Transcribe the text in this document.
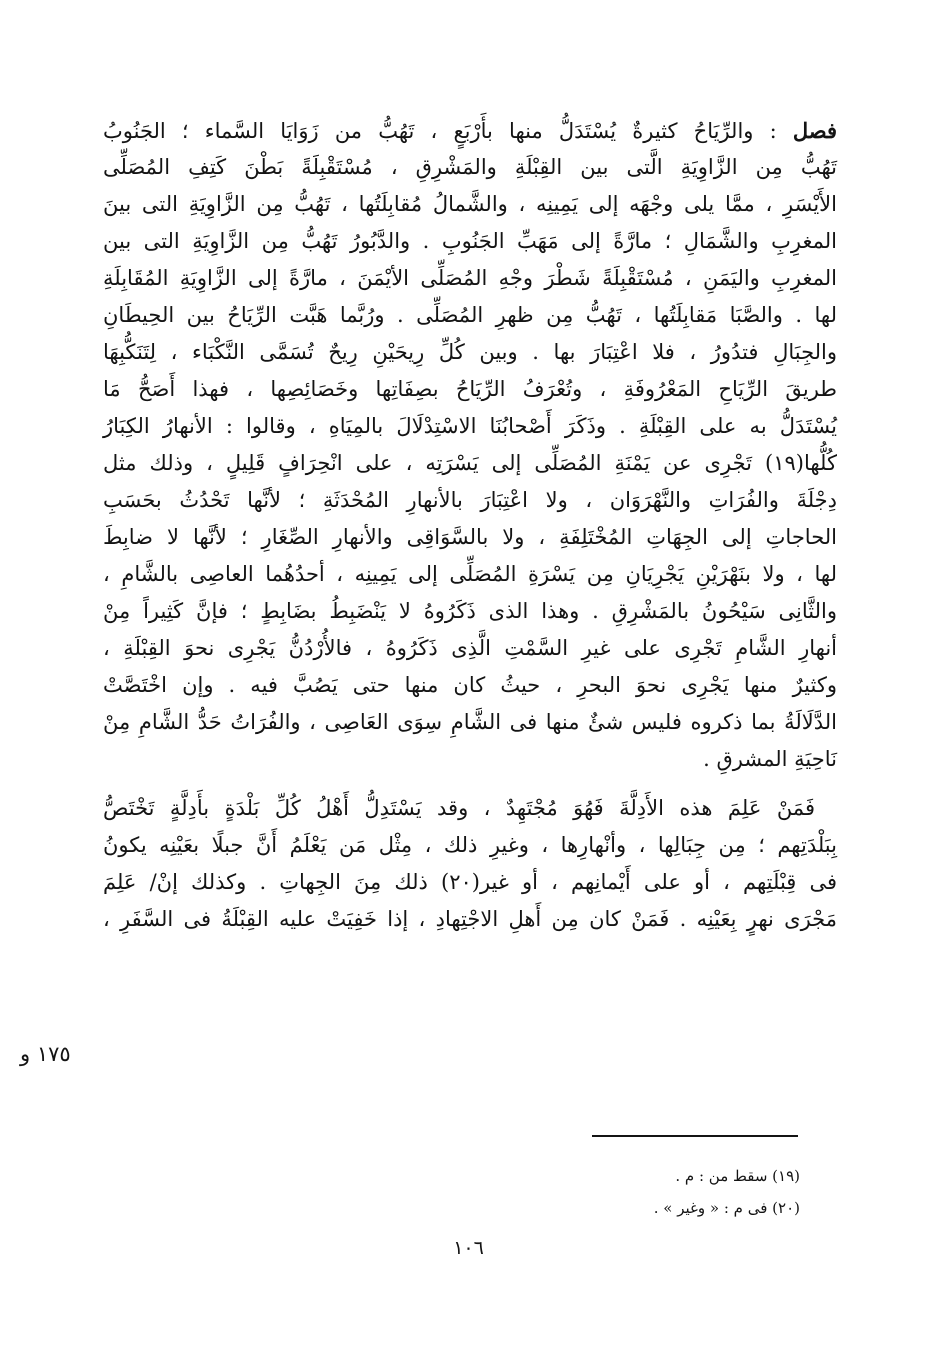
فصل : والرِّيَاحُ كثيرةٌ يُسْتَدَلُّ منها بأَرْبَعٍ ، تَهُبُّ من زَوَايَا السَّماء ؛ الجَنُوبُ
تَهُبُّ مِن الزَّاوِيَةِ الَّتى بين القِبْلَةِ والمَشْرِقِ ، مُسْتَقْبِلَةً بَطْنَ كَتِفِ المُصَلِّى
الأَيْسَرِ ، ممَّا يلى وجْهَه إلى يَمِينِه ، والشَّمالُ مُقابِلَتُها ، تَهُبُّ مِن الزَّاوِيَةِ التى بينَ
المغرِبِ والشَّمَالِ ؛ مارَّةً إلى مَهَبِّ الجَنُوبِ . والدَّبُورُ تَهُبُّ مِن الزَّاوِيَةِ التى بين
المغرِبِ واليَمَنِ ، مُسْتَقْبِلَةً شَطْرَ وجْهِ المُصَلِّى الأيْمَنَ ، مارَّةً إلى الزَّاوِيَةِ المُقَابِلَةِ
لها . والصَّبَا مَقابِلَتُها ، تَهُبُّ مِن ظهرِ المُصَلِّى . ورُبَّما هَبَّت الرِّيَاحُ بين الحِيطَانِ
والجِبَالِ فتدُورُ ، فلا اعْتِبَارَ بها . وبين كُلِّ رِيحَيْنِ رِيحٌ تُسَمَّى النَّكْبَاء ، لِتَنَكُّبِهَا
طريقَ الرِّيَاحِ المَعْرُوفَةِ ، وتُعْرَفُ الرِّيَاحُ بصِفَاتِها وخَصَائِصِها ، فهذا أَصَحُّ مَا
يُسْتَدَلُّ به على القِبْلَةِ . وذَكَرَ أَصْحابُنَا الاسْتِدْلَالَ بالمِيَاهِ ، وقالوا : الأنهارُ الكِبَارُ
كُلُّها(١٩) تَجْرِى عن يَمْنَةِ المُصَلِّى إلى يَسْرَتِه ، على انْحِرَافٍ قَلِيلٍ ، وذلك مثل
دِجْلَةَ والفُرَاتِ والنَّهْرَوَان ، ولا اعْتِبَارَ بالأنهارِ المُحْدَثَةِ ؛ لأنَّها تَحْدُثُ بحَسَبِ
الحاجاتِ إلى الجِهَاتِ المُخْتَلِفَةِ ، ولا بالسَّوَاقِى والأنهارِ الصِّغَارِ ؛ لأنَّها لا ضابِطَ
لها ، ولا بنَهْرَيْنِ يَجْرِيَانِ مِن يَسْرَةِ المُصَلِّى إلى يَمِينِه ، أحدُهُما العاصِى بالشَّامِ ،
والثَّانِى سَيْحُونُ بالمَشْرِقِ . وهذا الذى ذَكَرُوهُ لا يَنْضَبِطُ بضَابِطٍ ؛ فإنَّ كَثِيراً مِنْ
أنهارِ الشَّامِ تَجْرِى على غيرِ السَّمْتِ الَّذِى ذَكَرُوهُ ، فالأُرْدُنُّ يَجْرِى نحوَ القِبْلَةِ ،
وكثيرٌ منها يَجْرِى نحوَ البحرِ ، حيثُ كان منها حتى يَصُبَّ فيه . وإن اخْتَصَّتْ
الدَّلَالَةُ بما ذكروه فليس شئٌ منها فى الشَّامِ سِوَى العَاصِى ، والفُرَاتُ حَدُّ الشَّامِ مِنْ
نَاحِيَةِ المشرقِ .
فَمَنْ عَلِمَ هذه الأَدِلَّةَ فَهُوَ مُجْتَهِدٌ ، وقد يَسْتَدِلُّ أَهْلُ كُلِّ بَلْدَةٍ بأَدِلَّةٍ تَخْتَصُّ
بِبَلْدَتِهم ؛ مِن جِبَالِها ، وأنْهارِها ، وغيرِ ذلك ، مِثْل مَن يَعْلَمُ أَنَّ جبلًا بعَيْنِه يكونُ
فى قِبْلَتِهم ، أو على أَيْمانِهم ، أو غير(٢٠) ذلك مِنَ الجِهاتِ . وكذلك إنْ/ عَلِمَ
مَجْرَى نهرٍ بِعَيْنِه . فَمَنْ كان مِن أَهلِ الاجْتِهادِ ، إذا خَفِيَتْ عليه القِبْلَةُ فى السَّفَرِ ،
١٧٥ و
(١٩) سقط من : م .
(٢٠) فى م : « وغير » .
١٠٦
